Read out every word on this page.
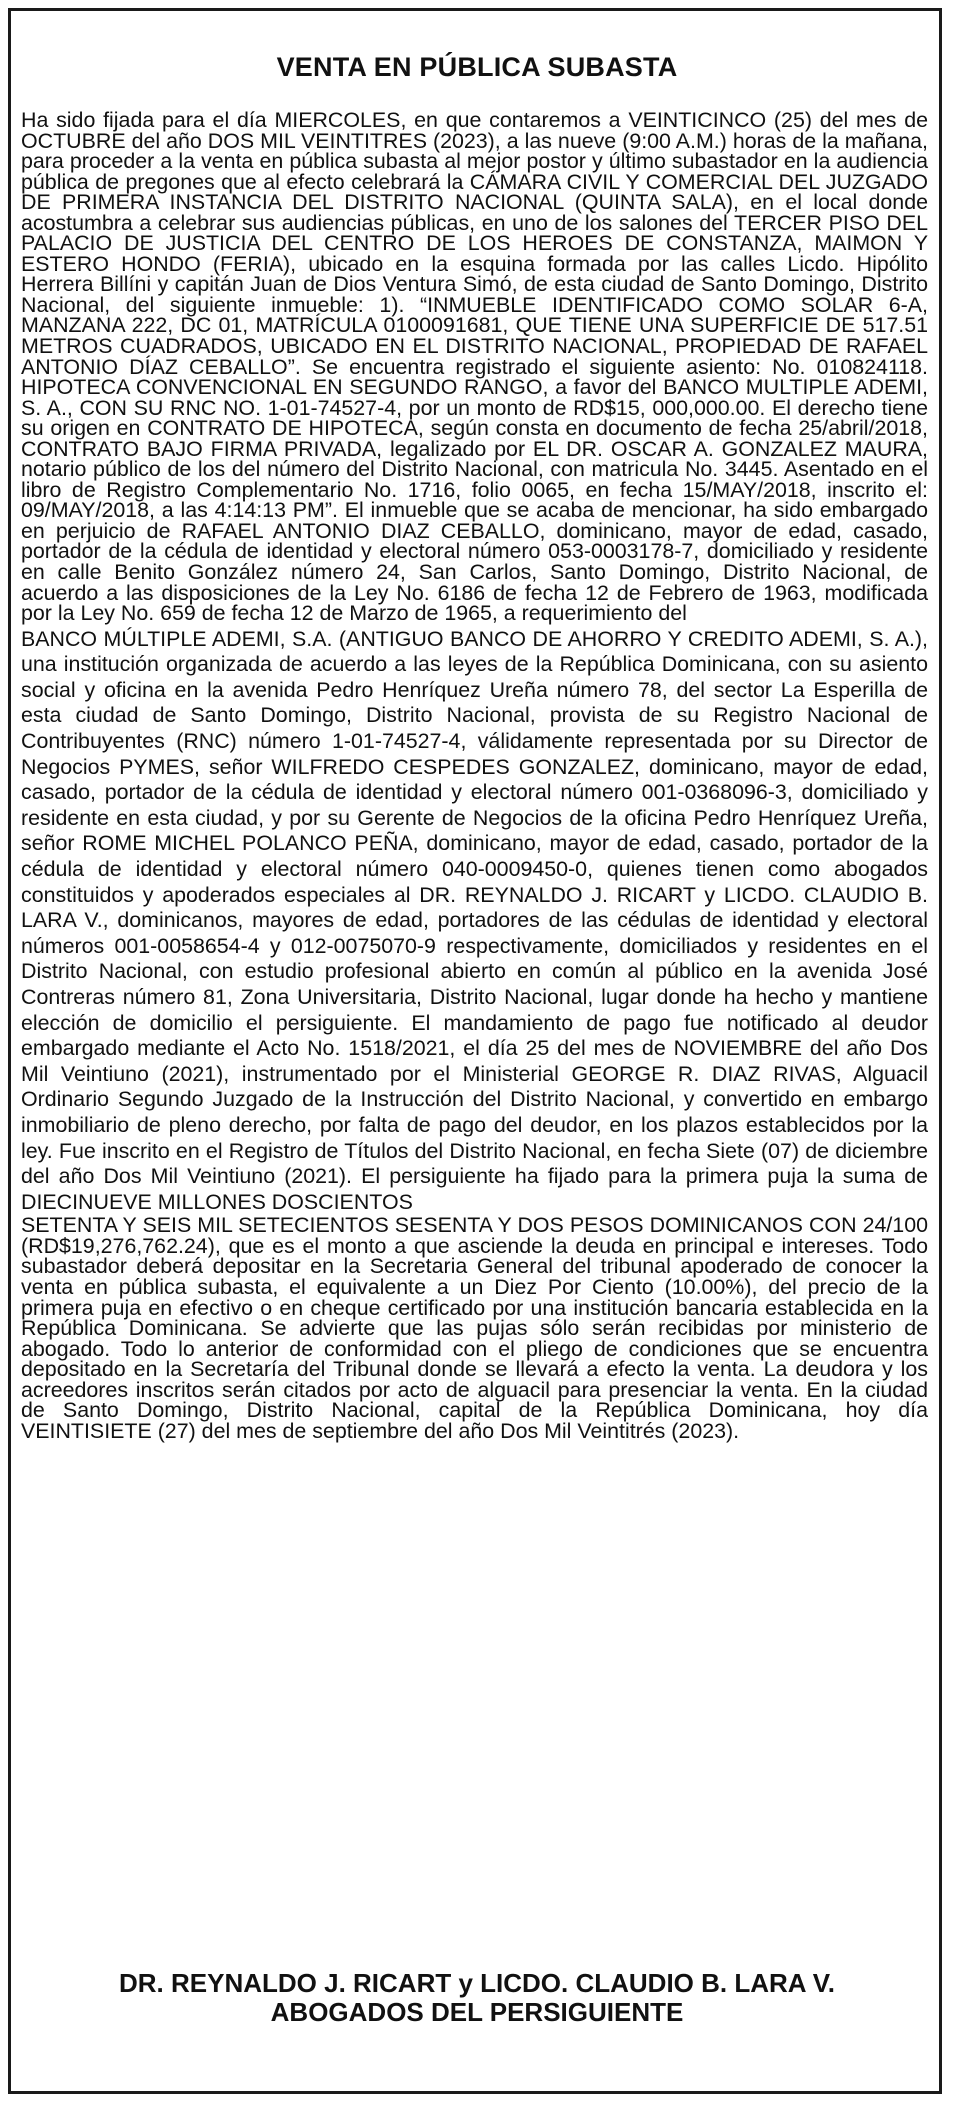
VENTA EN PÚBLICA SUBASTA
Ha sido fijada para el día MIERCOLES, en que contaremos a VEINTICINCO (25) del mes de OCTUBRE del año DOS MIL VEINTITRES (2023), a las nueve (9:00 A.M.) horas de la mañana, para proceder a la venta en pública subasta al mejor postor y último subastador en la audiencia pública de pregones que al efecto celebrará la CÁMARA CIVIL Y COMERCIAL DEL JUZGADO DE PRIMERA INSTANCIA DEL DISTRITO NACIONAL (QUINTA SALA), en el local donde acostumbra a celebrar sus audiencias públicas, en uno de los salones del TERCER PISO DEL PALACIO DE JUSTICIA DEL CENTRO DE LOS HEROES DE CONSTANZA, MAIMON Y ESTERO HONDO (FERIA), ubicado en la esquina formada por las calles Licdo. Hipólito Herrera Billíni y capitán Juan de Dios Ventura Simó, de esta ciudad de Santo Domingo, Distrito Nacional, del siguiente inmueble: 1). “INMUEBLE IDENTIFICADO COMO SOLAR 6-A, MANZANA 222, DC 01, MATRÍCULA 0100091681, QUE TIENE UNA SUPERFICIE DE 517.51 METROS CUADRADOS, UBICADO EN EL DISTRITO NACIONAL, PROPIEDAD DE RAFAEL ANTONIO DÍAZ CEBALLO”. Se encuentra registrado el siguiente asiento: No. 010824118. HIPOTECA CONVENCIONAL EN SEGUNDO RANGO, a favor del BANCO MULTIPLE ADEMI, S. A., CON SU RNC NO. 1-01-74527-4, por un monto de RD$15, 000,000.00. El derecho tiene su origen en CONTRATO DE HIPOTECA, según consta en documento de fecha 25/abril/2018, CONTRATO BAJO FIRMA PRIVADA, legalizado por EL DR. OSCAR A. GONZALEZ MAURA, notario público de los del número del Distrito Nacional, con matricula No. 3445. Asentado en el libro de Registro Complementario No. 1716, folio 0065, en fecha 15/MAY/2018, inscrito el: 09/MAY/2018, a las 4:14:13 PM”. El inmueble que se acaba de mencionar, ha sido embargado en perjuicio de RAFAEL ANTONIO DIAZ CEBALLO, dominicano, mayor de edad, casado, portador de la cédula de identidad y electoral número 053-0003178-7, domiciliado y residente en calle Benito González número 24, San Carlos, Santo Domingo, Distrito Nacional, de acuerdo a las disposiciones de la Ley No. 6186 de fecha 12 de Febrero de 1963, modificada por la Ley No. 659 de fecha 12 de Marzo de 1965, a requerimiento del
BANCO MÚLTIPLE ADEMI, S.A. (ANTIGUO BANCO DE AHORRO Y CREDITO ADEMI, S. A.), una institución organizada de acuerdo a las leyes de la República Dominicana, con su asiento social y oficina en la avenida Pedro Henríquez Ureña número 78, del sector La Esperilla de esta ciudad de Santo Domingo, Distrito Nacional, provista de su Registro Nacional de Contribuyentes (RNC) número 1-01-74527-4, válidamente representada por su Director de Negocios PYMES, señor WILFREDO CESPEDES GONZALEZ, dominicano, mayor de edad, casado, portador de la cédula de identidad y electoral número 001-0368096-3, domiciliado y residente en esta ciudad, y por su Gerente de Negocios de la oficina Pedro Henríquez Ureña, señor ROME MICHEL POLANCO PEÑA, dominicano, mayor de edad, casado, portador de la cédula de identidad y electoral número 040-0009450-0, quienes tienen como abogados constituidos y apoderados especiales al DR. REYNALDO J. RICART y LICDO. CLAUDIO B. LARA V., dominicanos, mayores de edad, portadores de las cédulas de identidad y electoral números 001-0058654-4 y 012-0075070-9 respectivamente, domiciliados y residentes en el Distrito Nacional, con estudio profesional abierto en común al público en la avenida José Contreras número 81, Zona Universitaria, Distrito Nacional, lugar donde ha hecho y mantiene elección de domicilio el persiguiente. El mandamiento de pago fue notificado al deudor embargado mediante el Acto No. 1518/2021, el día 25 del mes de NOVIEMBRE del año Dos Mil Veintiuno (2021), instrumentado por el Ministerial GEORGE R. DIAZ RIVAS, Alguacil Ordinario Segundo Juzgado de la Instrucción del Distrito Nacional, y convertido en embargo inmobiliario de pleno derecho, por falta de pago del deudor, en los plazos establecidos por la ley. Fue inscrito en el Registro de Títulos del Distrito Nacional, en fecha Siete (07) de diciembre del año Dos Mil Veintiuno (2021). El persiguiente ha fijado para la primera puja la suma de DIECINUEVE MILLONES DOSCIENTOS
SETENTA Y SEIS MIL SETECIENTOS SESENTA Y DOS PESOS DOMINICANOS CON 24/100 (RD$19,276,762.24), que es el monto a que asciende la deuda en principal e intereses. Todo subastador deberá depositar en la Secretaria General del tribunal apoderado de conocer la venta en pública subasta, el equivalente a un Diez Por Ciento (10.00%), del precio de la primera puja en efectivo o en cheque certificado por una institución bancaria establecida en la República Dominicana. Se advierte que las pujas sólo serán recibidas por ministerio de abogado. Todo lo anterior de conformidad con el pliego de condiciones que se encuentra depositado en la Secretaría del Tribunal donde se llevará a efecto la venta. La deudora y los acreedores inscritos serán citados por acto de alguacil para presenciar la venta. En la ciudad de Santo Domingo, Distrito Nacional, capital de la República Dominicana, hoy día VEINTISIETE (27) del mes de septiembre del año Dos Mil Veintitrés (2023).
DR. REYNALDO J. RICART y LICDO. CLAUDIO B. LARA V.
ABOGADOS DEL PERSIGUIENTE
